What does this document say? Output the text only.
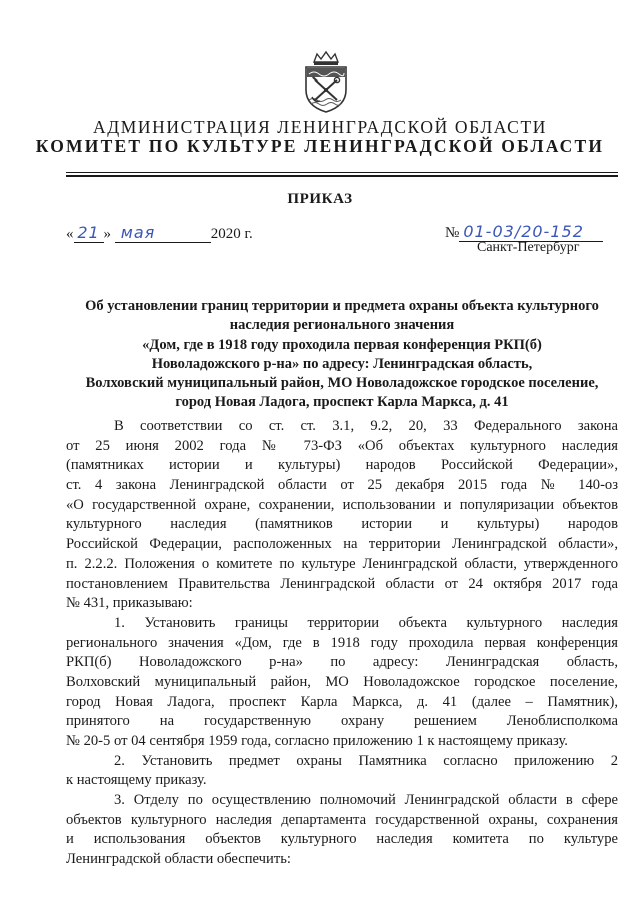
АДМИНИСТРАЦИЯ ЛЕНИНГРАДСКОЙ ОБЛАСТИ
КОМИТЕТ ПО КУЛЬТУРЕ ЛЕНИНГРАДСКОЙ ОБЛАСТИ
ПРИКАЗ
« 21 » мая	2020 г.	№ 01-03/20-152
Санкт-Петербург
Об установлении границ территории и предмета охраны объекта культурного
наследия регионального значения
«Дом, где в 1918 году проходила первая конференция РКП(б)
Новоладожского р-на» по адресу: Ленинградская область,
Волховский муниципальный район, МО Новоладожское городское поселение,
город Новая Ладога, проспект Карла Маркса, д. 41
В соответствии со ст. ст. 3.1, 9.2, 20, 33 Федерального закона
от 25 июня 2002 года № 73-ФЗ «Об объектах культурного наследия
(памятниках истории и культуры) народов Российской Федерации»,
ст. 4 закона Ленинградской области от 25 декабря 2015 года № 140-оз
«О государственной охране, сохранении, использовании и популяризации объектов
культурного наследия (памятников истории и культуры) народов
Российской Федерации, расположенных на территории Ленинградской области»,
п. 2.2.2. Положения о комитете по культуре Ленинградской области, утвержденного
постановлением Правительства Ленинградской области от 24 октября 2017 года
№ 431, приказываю:
1. Установить границы территории объекта культурного наследия
регионального значения «Дом, где в 1918 году проходила первая конференция
РКП(б) Новоладожского р-на» по адресу: Ленинградская область,
Волховский муниципальный район, МО Новоладожское городское поселение,
город Новая Ладога, проспект Карла Маркса, д. 41 (далее – Памятник),
принятого на государственную охрану решением Леноблисполкома
№ 20-5 от 04 сентября 1959 года, согласно приложению 1 к настоящему приказу.
2. Установить предмет охраны Памятника согласно приложению 2
к настоящему приказу.
3. Отделу по осуществлению полномочий Ленинградской области в сфере
объектов культурного наследия департамента государственной охраны, сохранения
и использования объектов культурного наследия комитета по культуре
Ленинградской области обеспечить:
